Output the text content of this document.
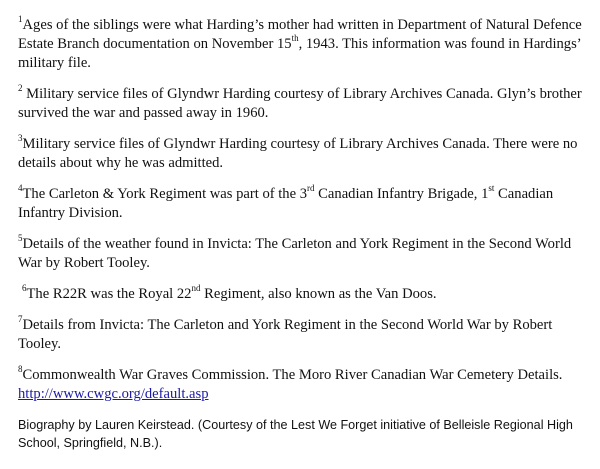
$^1$Ages of the siblings were what Harding’s mother had written in Department of Natural Defence Estate Branch documentation on November 15th, 1943. This information was found in Hardings’ military file.

$^2$ Military service files of Glyndwr Harding courtesy of Library Archives Canada. Glyn’s brother survived the war and passed away in 1960.

$^3$Military service files of Glyndwr Harding courtesy of Library Archives Canada. There were no details about why he was admitted.

$^4$The Carleton & York Regiment was part of the 3rd Canadian Infantry Brigade, 1st Canadian Infantry Division.

$^5$Details of the weather found in Invicta: The Carleton and York Regiment in the Second World War by Robert Tooley.

$^6$The R22R was the Royal 22nd Regiment, also known as the Van Doos.

$^7$Details from Invicta: The Carleton and York Regiment in the Second World War by Robert Tooley.

$^8$Commonwealth War Graves Commission. The Moro River Canadian War Cemetery Details.
http://www.cwgc.org/default.asp

Biography by Lauren Keirstead. (Courtesy of the Lest We Forget initiative of Belleisle Regional High School, Springfield, N.B.).
